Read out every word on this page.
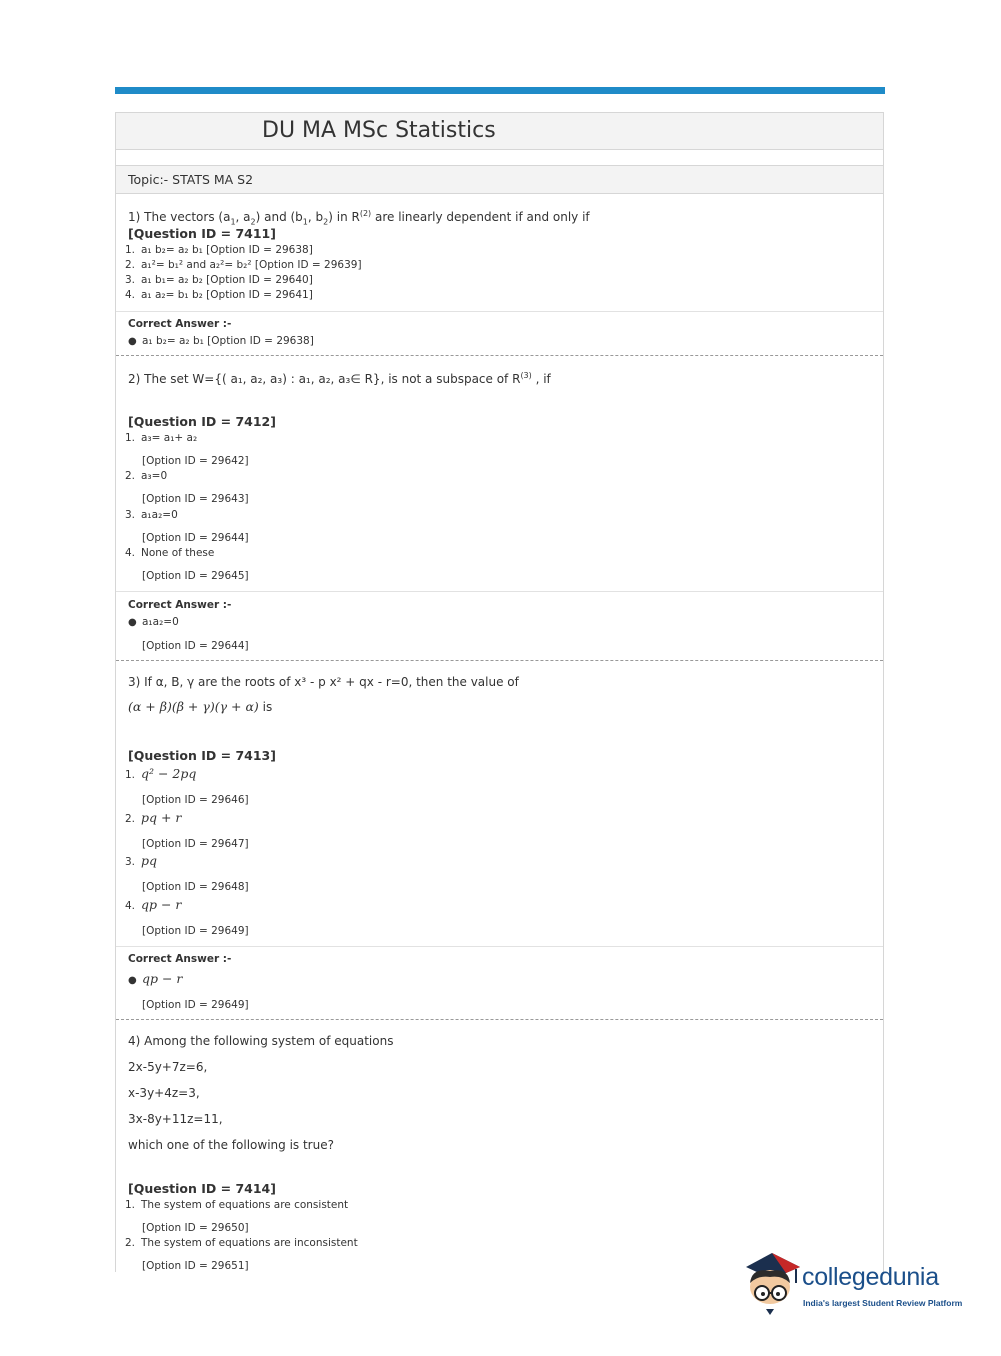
DU MA MSc Statistics
Topic:- STATS MA S2
1) The vectors ($a_1$, $a_2$) and ($b_1$, $b_2$) in $R^{(2)}$ are linearly dependent if and only if
[Question ID = 7411]
1. a₁ b₂= a₂ b₁ [Option ID = 29638]
2. a₁²= b₁² and a₂²= b₂² [Option ID = 29639]
3. a₁ b₁= a₂ b₂ [Option ID = 29640]
4. a₁ a₂= b₁ b₂ [Option ID = 29641]
Correct Answer :-
● a₁ b₂= a₂ b₁ [Option ID = 29638]
2) The set W={( a₁, a₂, a₃) : a₁, a₂, a₃∈ R}, is not a subspace of $R^{(3)}$ , if
[Question ID = 7412]
1. a₃= a₁+ a₂
[Option ID = 29642]
2. a₃=0
[Option ID = 29643]
3. a₁a₂=0
[Option ID = 29644]
4. None of these
[Option ID = 29645]
Correct Answer :-
● a₁a₂=0
[Option ID = 29644]
3) If α, Β, γ are the roots of x³ - p x² + qx - r=0, then the value of
(α + β)(β + γ)(γ + α) is
[Question ID = 7413]
1. q² − 2pq
[Option ID = 29646]
2. pq + r
[Option ID = 29647]
3. pq
[Option ID = 29648]
4. qp − r
[Option ID = 29649]
Correct Answer :-
● qp − r
[Option ID = 29649]
4) Among the following system of equations
2x-5y+7z=6,
x-3y+4z=3,
3x-8y+11z=11,
which one of the following is true?
[Question ID = 7414]
1. The system of equations are consistent
[Option ID = 29650]
2. The system of equations are inconsistent
[Option ID = 29651]	collegedunia
India's largest Student Review Platform
